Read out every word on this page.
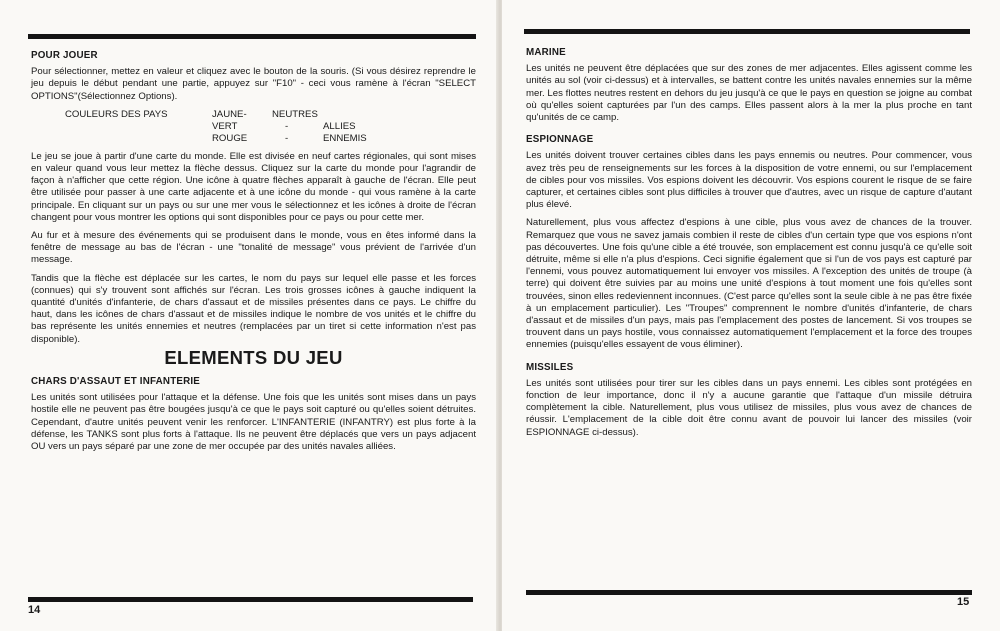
POUR JOUER

Pour sélectionner, mettez en valeur et cliquez avec le bouton de la souris. (Si vous désirez reprendre le jeu depuis le début pendant une partie, appuyez sur "F10" - ceci vous ramène à l'écran "SELECT OPTIONS"(Sélectionnez Options).

COULEURS DES PAYS	JAUNE-	NEUTRES
VERT	-	ALLIES
ROUGE	-	ENNEMIS

Le jeu se joue à partir d'une carte du monde. Elle est divisée en neuf cartes régionales, qui sont mises en valeur quand vous leur mettez la flèche dessus. Cliquez sur la carte du monde pour l'agrandir de façon à n'afficher que cette région. Une icône à quatre flèches apparaît à gauche de l'écran. Elle peut être utilisée pour passer à une carte adjacente et à une icône du monde - qui vous ramène à la carte principale. En cliquant sur un pays ou sur une mer vous le sélectionnez et les icônes à droite de l'écran changent pour vous montrer les options qui sont disponibles pour ce pays ou pour cette mer.

Au fur et à mesure des événements qui se produisent dans le monde, vous en êtes informé dans la fenêtre de message au bas de l'écran - une "tonalité de message" vous prévient de l'arrivée d'un message.

Tandis que la flèche est déplacée sur les cartes, le nom du pays sur lequel elle passe et les forces (connues) qui s'y trouvent sont affichés sur l'écran. Les trois grosses icônes à gauche indiquent la quantité d'unités d'infanterie, de chars d'assaut et de missiles présentes dans ce pays. Le chiffre du haut, dans les icônes de chars d'assaut et de missiles indique le nombre de vos unités et le chiffre du bas représente les unités ennemies et neutres (remplacées par un tiret si cette information n'est pas disponible).

ELEMENTS DU JEU
CHARS D'ASSAUT ET INFANTERIE

Les unités sont utilisées pour l'attaque et la défense. Une fois que les unités sont mises dans un pays hostile elle ne peuvent pas être bougées jusqu'à ce que le pays soit capturé ou qu'elles soient détruites. Cependant, d'autre unités peuvent venir les renforcer. L'INFANTERIE (INFANTRY) est plus forte à la défense, les TANKS sont plus forts à l'attaque. Ils ne peuvent être déplacés que vers un pays adjacent OU vers un pays séparé par une zone de mer occupée par des unités navales alliées.

14
MARINE

Les unités ne peuvent être déplacées que sur des zones de mer adjacentes. Elles agissent comme les unités au sol (voir ci-dessus) et à intervalles, se battent contre les unités navales ennemies sur la même mer. Les flottes neutres restent en dehors du jeu jusqu'à ce que le pays en question se joigne au combat où qu'elles soient capturées par l'un des camps. Elles passent alors à la mer la plus proche en tant qu'unités de ce camp.

ESPIONNAGE

Les unités doivent trouver certaines cibles dans les pays ennemis ou neutres. Pour commencer, vous avez très peu de renseignements sur les forces à la disposition de votre ennemi, ou sur l'emplacement de cibles pour vos missiles. Vos espions doivent les découvrir. Vos espions courent le risque de se faire capturer, et certaines cibles sont plus difficiles à trouver que d'autres, avec un risque de capture d'autant plus élevé.

Naturellement, plus vous affectez d'espions à une cible, plus vous avez de chances de la trouver. Remarquez que vous ne savez jamais combien il reste de cibles d'un certain type que vos espions n'ont pas découvertes. Une fois qu'une cible a été trouvée, son emplacement est connu jusqu'à ce qu'elle soit détruite, même si elle n'a plus d'espions. Ceci signifie également que si l'un de vos pays est capturé par l'ennemi, vous pouvez automatiquement lui envoyer vos missiles. A l'exception des unités de troupe (à terre) qui doivent être suivies par au moins une unité d'espions à tout moment une fois qu'elles sont trouvées, sinon elles redeviennent inconnues. (C'est parce qu'elles sont la seule cible à ne pas être fixée à un emplacement particulier). Les "Troupes" comprennent le nombre d'unités d'infanterie, de chars d'assaut et de missiles d'un pays, mais pas l'emplacement des postes de lancement. Si vos troupes se trouvent dans un pays hostile, vous connaissez automatiquement l'emplacement et la force des troupes ennemies (puisqu'elles essayent de vous éliminer).

MISSILES

Les unités sont utilisées pour tirer sur les cibles dans un pays ennemi. Les cibles sont protégées en fonction de leur importance, donc il n'y a aucune garantie que l'attaque d'un missile détruira complètement la cible. Naturellement, plus vous utilisez de missiles, plus vous avez de chances de réussir. L'emplacement de la cible doit être connu avant de pouvoir lui lancer des missiles (voir ESPIONNAGE ci-dessus).

15
